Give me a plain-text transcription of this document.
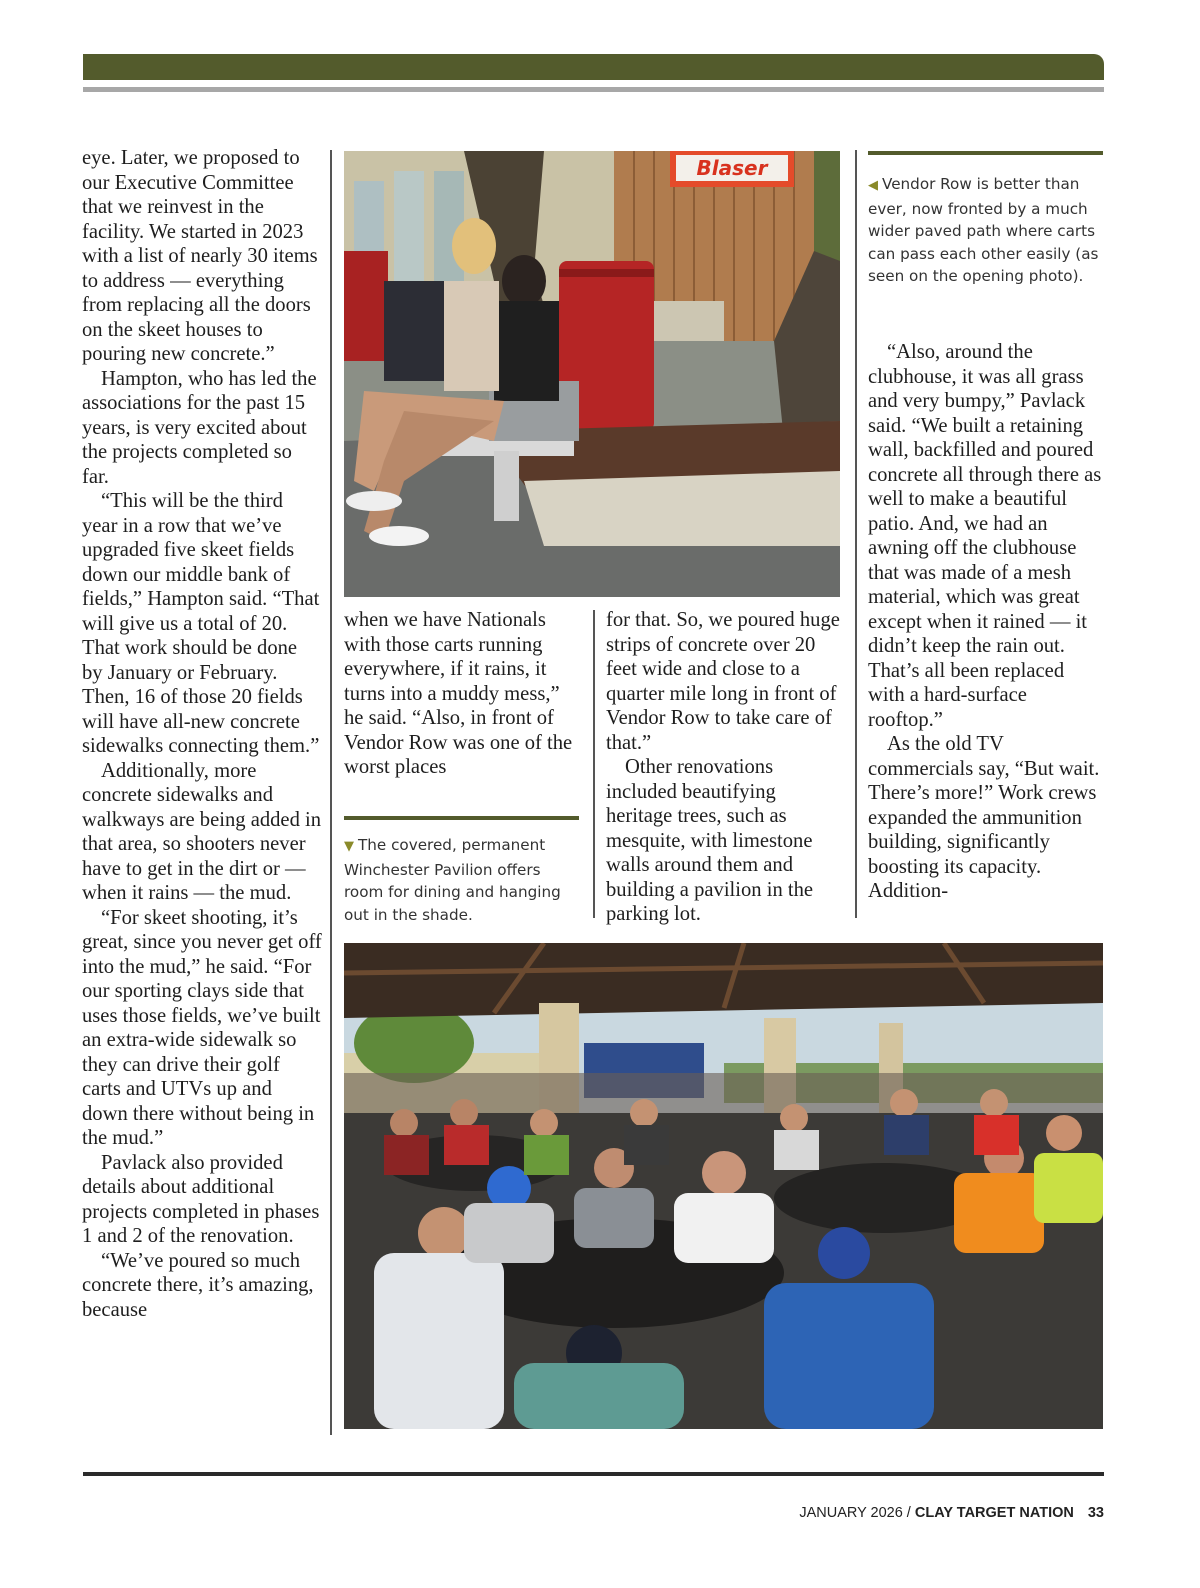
eye. Later, we proposed to our Executive Committee that we reinvest in the facility. We started in 2023 with a list of nearly 30 items to address — everything from replacing all the doors on the skeet houses to pouring new concrete.”

Hampton, who has led the associations for the past 15 years, is very excited about the projects completed so far.

“This will be the third year in a row that we’ve upgraded five skeet fields down our middle bank of fields,” Hampton said. “That will give us a total of 20. That work should be done by January or February. Then, 16 of those 20 fields will have all-new concrete sidewalks connecting them.”

Additionally, more concrete sidewalks and walkways are being added in that area, so shooters never have to get in the dirt or — when it rains — the mud.

“For skeet shooting, it’s great, since you never get off into the mud,” he said. “For our sporting clays side that uses those fields, we’ve built an extra-wide sidewalk so they can drive their golf carts and UTVs up and down there without being in the mud.”

Pavlack also provided details about additional projects completed in phases 1 and 2 of the renovation.

“We’ve poured so much concrete there, it’s amazing, because

Blaser

when we have Nationals with those carts running everywhere, if it rains, it turns into a muddy mess,” he said. “Also, in front of Vendor Row was one of the worst places

for that. So, we poured huge strips of concrete over 20 feet wide and close to a quarter mile long in front of Vendor Row to take care of that.”

Other renovations included beautifying heritage trees, such as mesquite, with limestone walls around them and building a pavilion in the parking lot.

◀ Vendor Row is better than ever, now fronted by a much wider paved path where carts can pass each other easily (as seen on the opening photo).

“Also, around the clubhouse, it was all grass and very bumpy,” Pavlack said. “We built a retaining wall, backfilled and poured concrete all through there as well to make a beautiful patio. And, we had an awning off the clubhouse that was made of a mesh material, which was great except when it rained — it didn’t keep the rain out. That’s all been replaced with a hard-surface rooftop.”

As the old TV commercials say, “But wait. There’s more!” Work crews expanded the ammunition building, significantly boosting its capacity. Addition-

▼ The covered, permanent Winchester Pavilion offers room for dining and hanging out in the shade.

JANUARY 2026 / CLAY TARGET NATION 33
